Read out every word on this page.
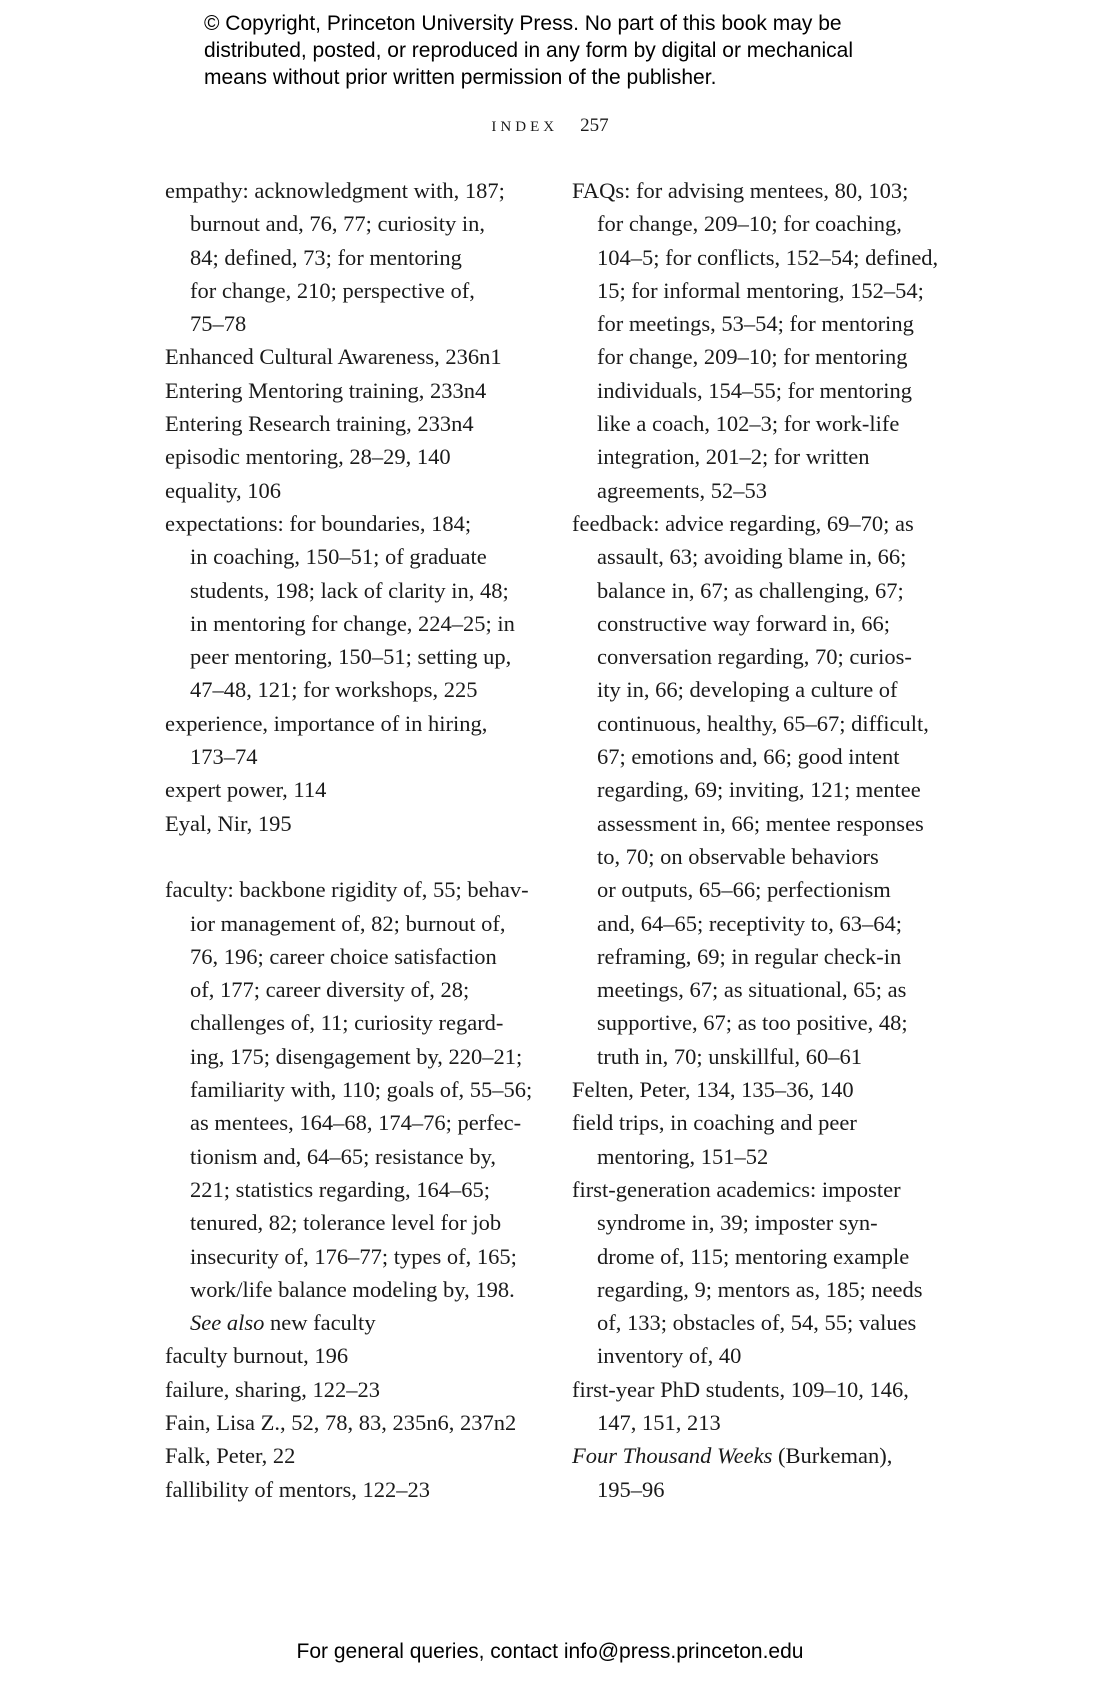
© Copyright, Princeton University Press. No part of this book may be
distributed, posted, or reproduced in any form by digital or mechanical
means without prior written permission of the publisher.
INDEX 257
empathy: acknowledgment with, 187;
burnout and, 76, 77; curiosity in,
84; defined, 73; for mentoring
for change, 210; perspective of,
75–78
Enhanced Cultural Awareness, 236n1
Entering Mentoring training, 233n4
Entering Research training, 233n4
episodic mentoring, 28–29, 140
equality, 106
expectations: for boundaries, 184;
in coaching, 150–51; of graduate
students, 198; lack of clarity in, 48;
in mentoring for change, 224–25; in
peer mentoring, 150–51; setting up,
47–48, 121; for workshops, 225
experience, importance of in hiring,
173–74
expert power, 114
Eyal, Nir, 195
faculty: backbone rigidity of, 55; behav-
ior management of, 82; burnout of,
76, 196; career choice satisfaction
of, 177; career diversity of, 28;
challenges of, 11; curiosity regard-
ing, 175; disengagement by, 220–21;
familiarity with, 110; goals of, 55–56;
as mentees, 164–68, 174–76; perfec-
tionism and, 64–65; resistance by,
221; statistics regarding, 164–65;
tenured, 82; tolerance level for job
insecurity of, 176–77; types of, 165;
work/life balance modeling by, 198.
See also new faculty
faculty burnout, 196
failure, sharing, 122–23
Fain, Lisa Z., 52, 78, 83, 235n6, 237n2
Falk, Peter, 22
fallibility of mentors, 122–23
FAQs: for advising mentees, 80, 103;
for change, 209–10; for coaching,
104–5; for conflicts, 152–54; defined,
15; for informal mentoring, 152–54;
for meetings, 53–54; for mentoring
for change, 209–10; for mentoring
individuals, 154–55; for mentoring
like a coach, 102–3; for work-life
integration, 201–2; for written
agreements, 52–53
feedback: advice regarding, 69–70; as
assault, 63; avoiding blame in, 66;
balance in, 67; as challenging, 67;
constructive way forward in, 66;
conversation regarding, 70; curios-
ity in, 66; developing a culture of
continuous, healthy, 65–67; difficult,
67; emotions and, 66; good intent
regarding, 69; inviting, 121; mentee
assessment in, 66; mentee responses
to, 70; on observable behaviors
or outputs, 65–66; perfectionism
and, 64–65; receptivity to, 63–64;
reframing, 69; in regular check-in
meetings, 67; as situational, 65; as
supportive, 67; as too positive, 48;
truth in, 70; unskillful, 60–61
Felten, Peter, 134, 135–36, 140
field trips, in coaching and peer
mentoring, 151–52
first-generation academics: imposter
syndrome in, 39; imposter syn-
drome of, 115; mentoring example
regarding, 9; mentors as, 185; needs
of, 133; obstacles of, 54, 55; values
inventory of, 40
first-year PhD students, 109–10, 146,
147, 151, 213
Four Thousand Weeks (Burkeman),
195–96
For general queries, contact info@press.princeton.edu
